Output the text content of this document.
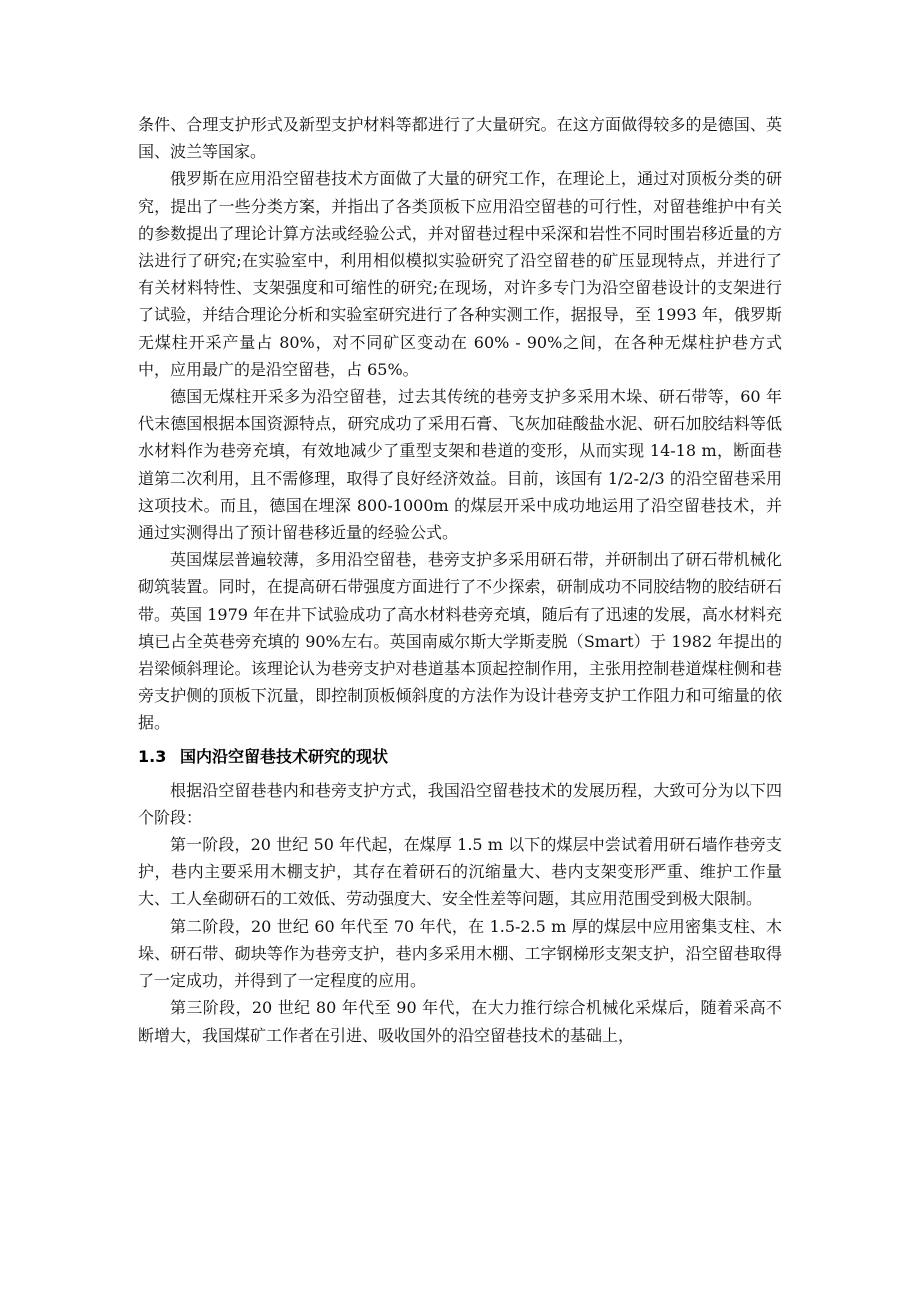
条件、合理支护形式及新型支护材料等都进行了大量研究。在这方面做得较多的是德国、英国、波兰等国家。

俄罗斯在应用沿空留巷技术方面做了大量的研究工作，在理论上，通过对顶板分类的研究，提出了一些分类方案，并指出了各类顶板下应用沿空留巷的可行性，对留巷维护中有关的参数提出了理论计算方法或经验公式，并对留巷过程中采深和岩性不同时围岩移近量的方法进行了研究;在实验室中，利用相似模拟实验研究了沿空留巷的矿压显现特点，并进行了有关材料特性、支架强度和可缩性的研究;在现场，对许多专门为沿空留巷设计的支架进行了试验，并结合理论分析和实验室研究进行了各种实测工作，据报导，至 1993 年，俄罗斯无煤柱开采产量占 80%，对不同矿区变动在 60% - 90%之间，在各种无煤柱护巷方式中，应用最广的是沿空留巷，占 65%。

德国无煤柱开采多为沿空留巷，过去其传统的巷旁支护多采用木垛、研石带等，60 年代末德国根据本国资源特点，研究成功了采用石膏、飞灰加硅酸盐水泥、研石加胶结料等低水材料作为巷旁充填，有效地减少了重型支架和巷道的变形，从而实现 14-18 m，断面巷道第二次利用，且不需修理，取得了良好经济效益。目前，该国有 1/2-2/3 的沿空留巷采用这项技术。而且，德国在埋深 800-1000m 的煤层开采中成功地运用了沿空留巷技术，并通过实测得出了预计留巷移近量的经验公式。

英国煤层普遍较薄，多用沿空留巷，巷旁支护多采用研石带，并研制出了研石带机械化砌筑装置。同时，在提高研石带强度方面进行了不少探索，研制成功不同胶结物的胶结研石带。英国 1979 年在井下试验成功了高水材料巷旁充填，随后有了迅速的发展，高水材料充填已占全英巷旁充填的 90%左右。英国南威尔斯大学斯麦脱（Smart）于 1982 年提出的岩梁倾斜理论。该理论认为巷旁支护对巷道基本顶起控制作用，主张用控制巷道煤柱侧和巷旁支护侧的顶板下沉量，即控制顶板倾斜度的方法作为设计巷旁支护工作阻力和可缩量的依据。

1.3 国内沿空留巷技术研究的现状

根据沿空留巷巷内和巷旁支护方式，我国沿空留巷技术的发展历程，大致可分为以下四个阶段：

第一阶段，20 世纪 50 年代起，在煤厚 1.5 m 以下的煤层中尝试着用研石墙作巷旁支护，巷内主要采用木棚支护，其存在着研石的沉缩量大、巷内支架变形严重、维护工作量大、工人垒砌研石的工效低、劳动强度大、安全性差等问题，其应用范围受到极大限制。

第二阶段，20 世纪 60 年代至 70 年代，在 1.5-2.5 m 厚的煤层中应用密集支柱、木垛、研石带、砌块等作为巷旁支护，巷内多采用木棚、工字钢梯形支架支护，沿空留巷取得了一定成功，并得到了一定程度的应用。

第三阶段，20 世纪 80 年代至 90 年代，在大力推行综合机械化采煤后，随着采高不断增大，我国煤矿工作者在引进、吸收国外的沿空留巷技术的基础上，
